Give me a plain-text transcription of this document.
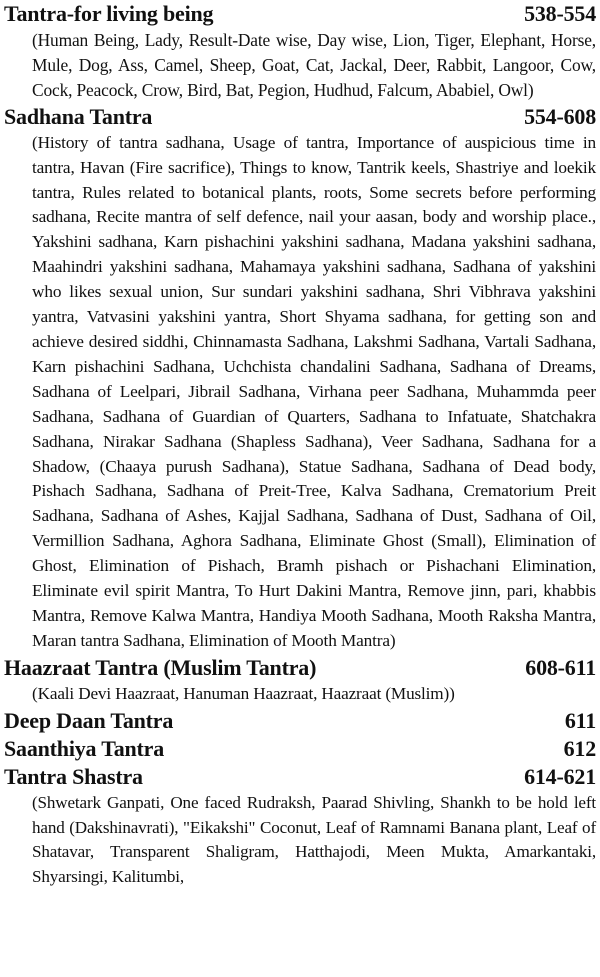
Tantra-for living being	538-554

(Human Being, Lady, Result-Date wise, Day wise, Lion, Tiger, Elephant, Horse, Mule, Dog, Ass, Camel, Sheep, Goat, Cat, Jackal, Deer, Rabbit, Langoor, Cow, Cock, Peacock, Crow, Bird, Bat, Pegion, Hudhud, Falcum, Ababiel, Owl)

Sadhana Tantra	554-608

(History of tantra sadhana, Usage of tantra, Importance of auspicious time in tantra, Havan (Fire sacrifice), Things to know, Tantrik keels, Shastriye and loekik tantra, Rules related to botanical plants, roots, Some secrets before performing sadhana, Recite mantra of self defence, nail your aasan, body and worship place., Yakshini sadhana, Karn pishachini yakshini sadhana, Madana yakshini sadhana, Maahindri yakshini sadhana, Mahamaya yakshini sadhana, Sadhana of yakshini who likes sexual union, Sur sundari yakshini sadhana, Shri Vibhrava yakshini yantra, Vatvasini yakshini yantra, Short Shyama sadhana, for getting son and achieve desired siddhi, Chinnamasta Sadhana, Lakshmi Sadhana, Vartali Sadhana, Karn pishachini Sadhana, Uchchista chandalini Sadhana, Sadhana of Dreams, Sadhana of Leelpari, Jibrail Sadhana, Virhana peer Sadhana, Muhammda peer Sadhana, Sadhana of Guardian of Quarters, Sadhana to Infatuate, Shatchakra Sadhana, Nirakar Sadhana (Shapless Sadhana), Veer Sadhana, Sadhana for a Shadow, (Chaaya purush Sadhana), Statue Sadhana, Sadhana of Dead body, Pishach Sadhana, Sadhana of Preit-Tree, Kalva Sadhana, Crematorium Preit Sadhana, Sadhana of Ashes, Kajjal Sadhana, Sadhana of Dust, Sadhana of Oil, Vermillion Sadhana, Aghora Sadhana, Eliminate Ghost (Small), Elimination of Ghost, Elimination of Pishach, Bramh pishach or Pishachani Elimination, Eliminate evil spirit Mantra, To Hurt Dakini Mantra, Remove jinn, pari, khabbis Mantra, Remove Kalwa Mantra, Handiya Mooth Sadhana, Mooth Raksha Mantra, Maran tantra Sadhana, Elimination of Mooth Mantra)

Haazraat Tantra (Muslim Tantra)	608-611

(Kaali Devi Haazraat, Hanuman Haazraat, Haazraat (Muslim))

Deep Daan Tantra	611
Saanthiya Tantra	612
Tantra Shastra	614-621

(Shwetark Ganpati, One faced Rudraksh, Paarad Shivling, Shankh to be hold left hand (Dakshinavrati), "Eikakshi" Coconut, Leaf of Ramnami Banana plant, Leaf of Shatavar, Transparent Shaligram, Hatthajodi, Meen Mukta, Amarkantaki, Shyarsingi, Kalitumbi,
